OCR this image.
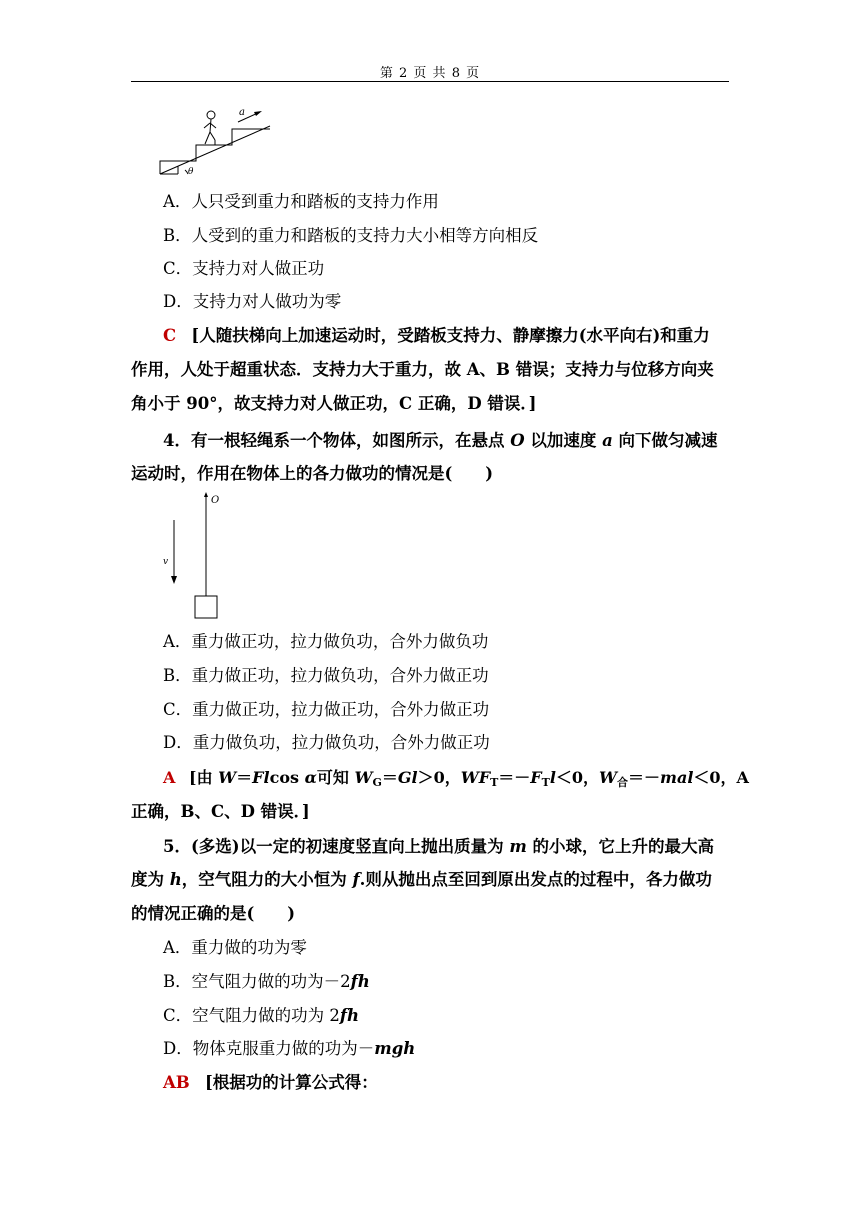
第 2 页 共 8 页
a
θ
A．人只受到重力和踏板的支持力作用
B．人受到的重力和踏板的支持力大小相等方向相反
C．支持力对人做正功
D．支持力对人做功为零
C [人随扶梯向上加速运动时，受踏板支持力、静摩擦力(水平向右)和重力
作用，人处于超重状态．支持力大于重力，故 A、B 错误；支持力与位移方向夹
角小于 90°，故支持力对人做正功，C 正确，D 错误．]
4．有一根轻绳系一个物体，如图所示，在悬点 O 以加速度 a 向下做匀减速
运动时，作用在物体上的各力做功的情况是(　　)
O
v
A．重力做正功，拉力做负功，合外力做负功
B．重力做正功，拉力做负功，合外力做正功
C．重力做正功，拉力做正功，合外力做正功
D．重力做负功，拉力做负功，合外力做正功
A [由 W＝Flcos α可知 $W_G=Gl>0$，$WF_T=-F_Tl<0$，$W_合=-mal<0$，A
正确，B、C、D 错误．]
5．(多选)以一定的初速度竖直向上抛出质量为 m 的小球，它上升的最大高
度为 h，空气阻力的大小恒为 f.则从抛出点至回到原出发点的过程中，各力做功
的情况正确的是(　　)
A．重力做的功为零
B．空气阻力做的功为－2fh
C．空气阻力做的功为 2fh
D．物体克服重力做的功为－mgh
AB [根据功的计算公式得：
